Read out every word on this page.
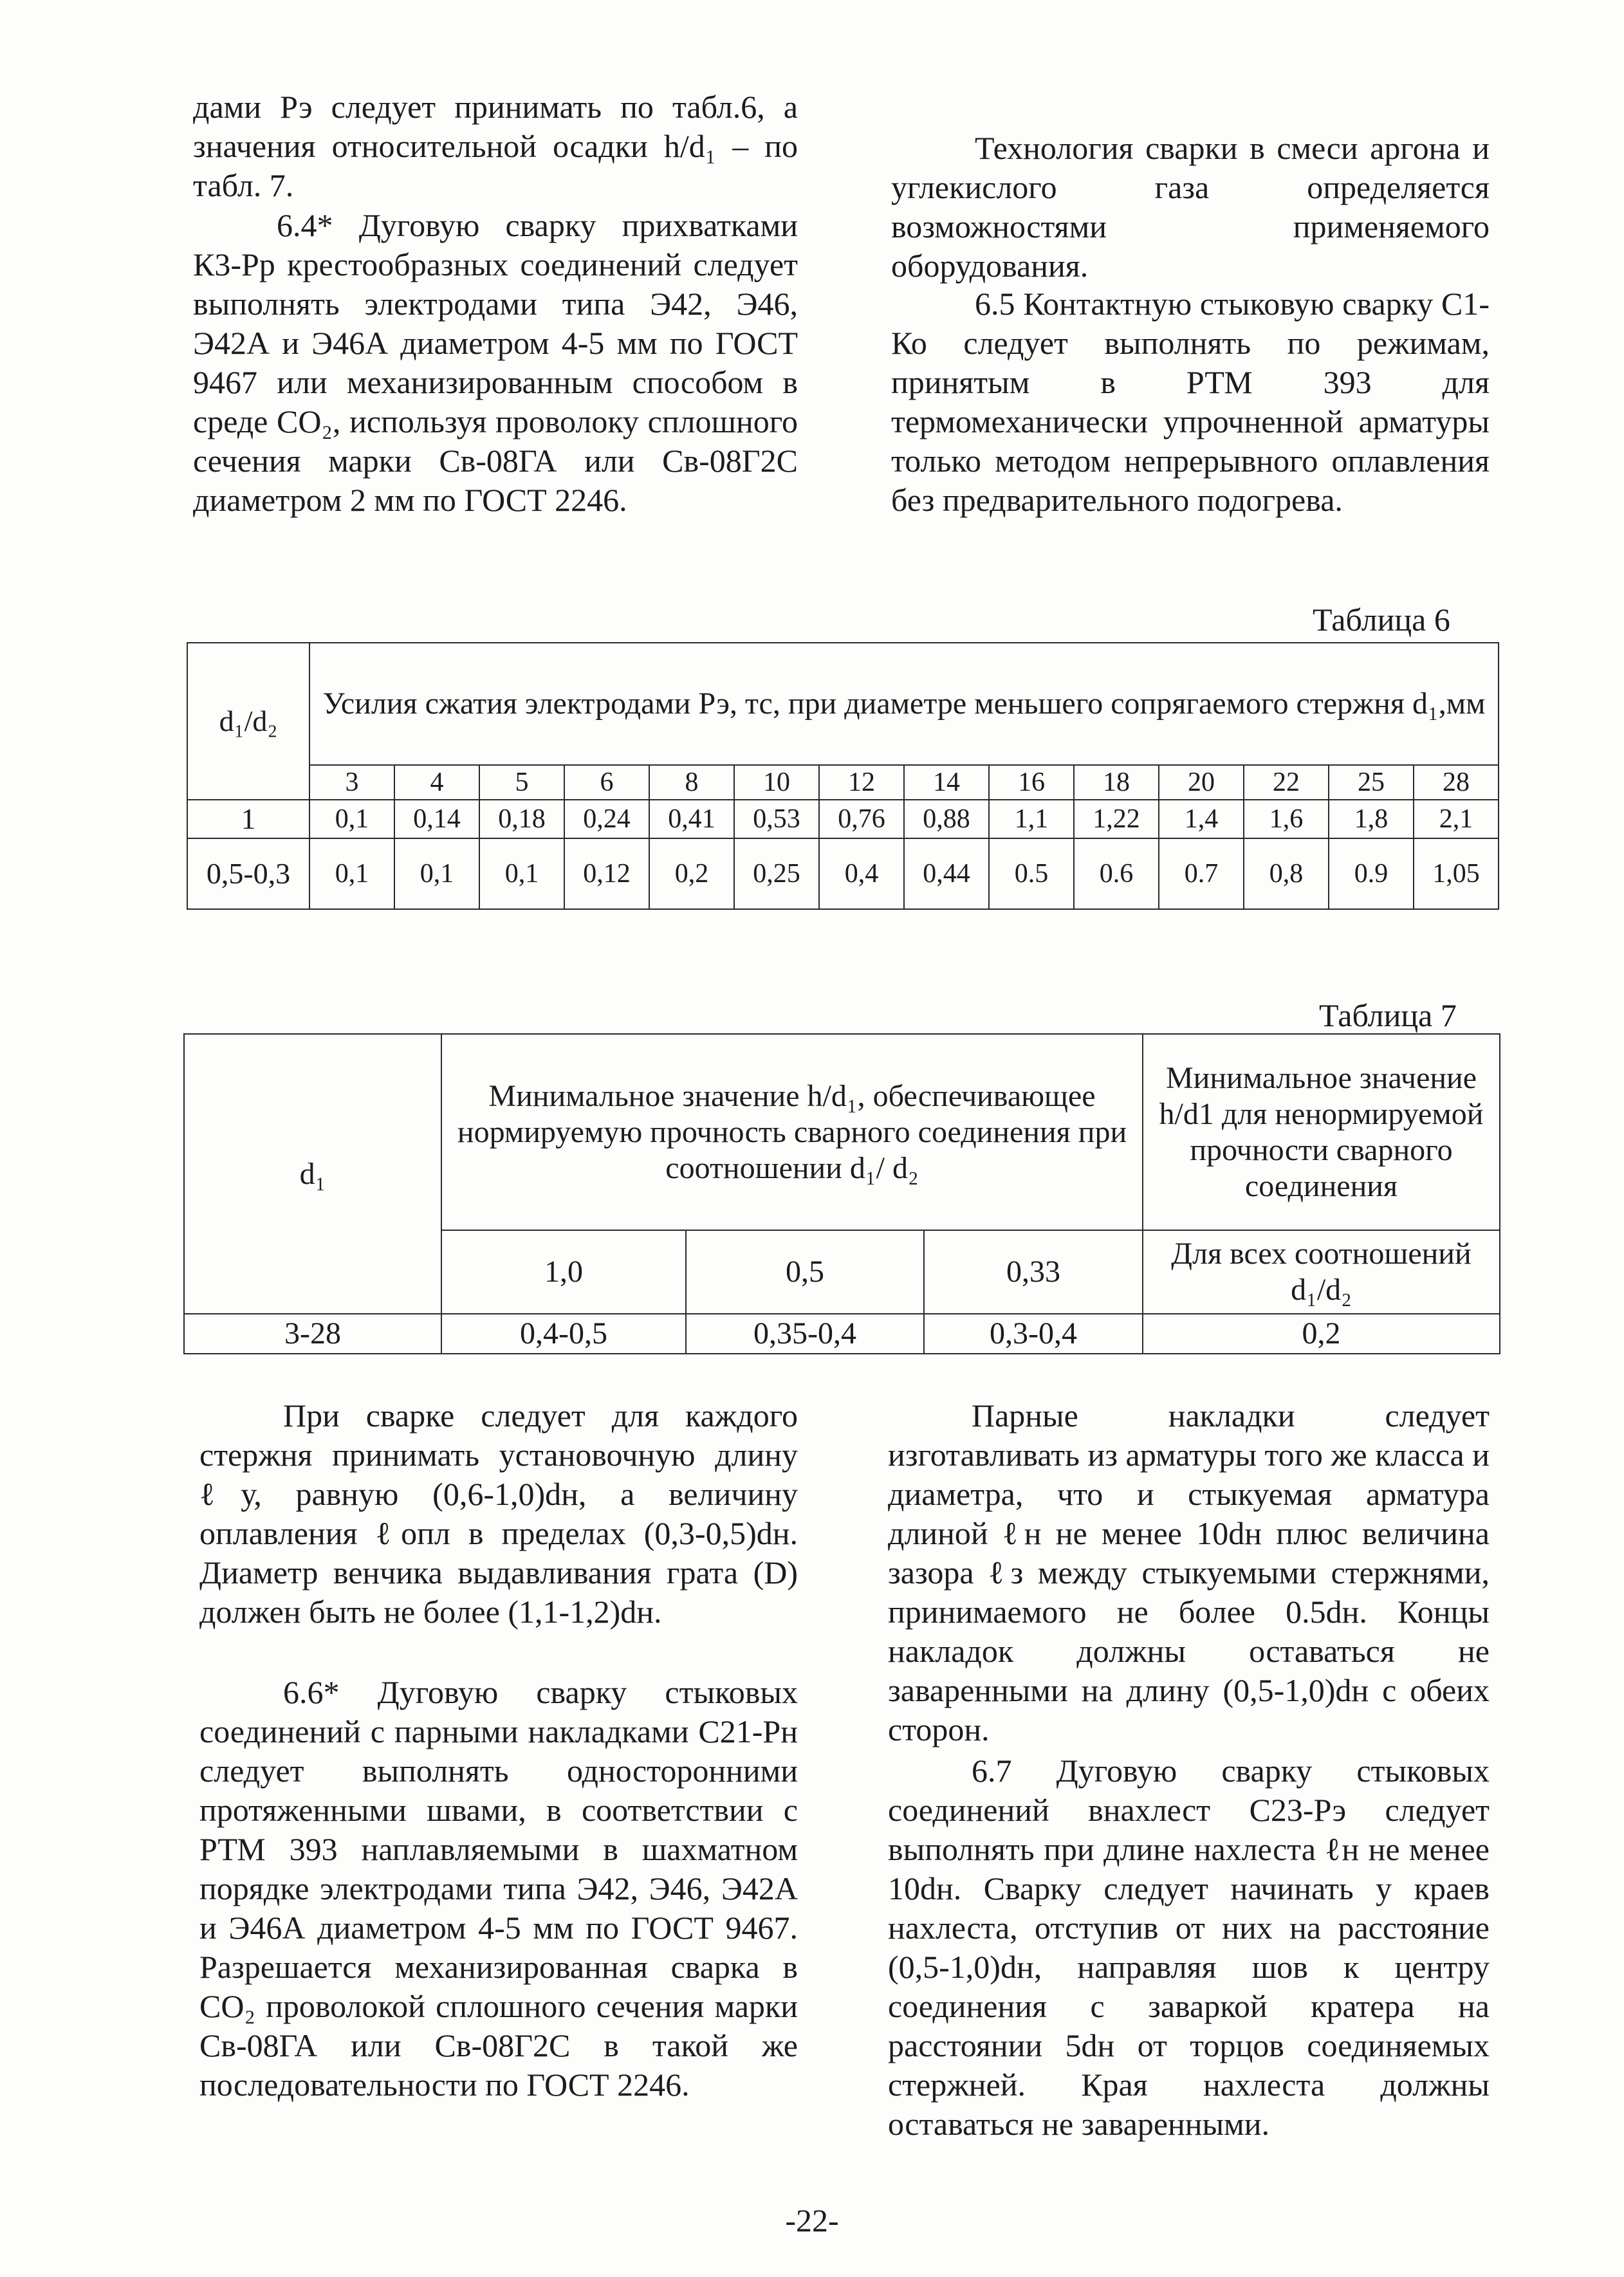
дами Рэ следует принимать по табл.6, а значения относительной осадки h/d₁ – по табл. 7.

6.4* Дуговую сварку прихватками К3-Рр крестообразных соединений следует выполнять электродами типа Э42, Э46, Э42А и Э46А диаметром 4-5 мм по ГОСТ 9467 или механизированным способом в среде СО₂, используя проволоку сплошного сечения марки Св-08ГА или Св-08Г2С диаметром 2 мм по ГОСТ 2246.

Технология сварки в смеси аргона и углекислого газа определяется возможностями применяемого оборудования.

6.5 Контактную стыковую сварку С1-Ко следует выполнять по режимам, принятым в РТМ 393 для термомеханически упрочненной арматуры только методом непрерывного оплавления без предварительного подогрева.

Таблица 6
d₁/d₂	Усилия сжатия электродами Рэ, тс, при диаметре меньшего сопрягаемого стержня d₁,мм													
	3	4	5	6	8	10	12	14	16	18	20	22	25	28
1	0,1	0,14	0,18	0,24	0,41	0,53	0,76	0,88	1,1	1,22	1,4	1,6	1,8	2,1
0,5-0,3	0,1	0,1	0,1	0,12	0,2	0,25	0,4	0,44	0.5	0.6	0.7	0,8	0.9	1,05
Таблица 7
d₁	Минимальное значение h/d₁, обеспечивающее нормируемую прочность сварного соединения при соотношении d₁/ d₂			Минимальное значение h/d1 для ненормируемой прочности сварного соединения
	1,0	0,5	0,33	Для всех соотношений d₁/d₂
3-28	0,4-0,5	0,35-0,4	0,3-0,4	0,2

При сварке следует для каждого стержня принимать установочную длину ℓу, равную (0,6-1,0)dн, а величину оплавления ℓопл в пределах (0,3-0,5)dн. Диаметр венчика выдавливания грата (D) должен быть не более (1,1-1,2)dн.

6.6* Дуговую сварку стыковых соединений с парными накладками С21-Рн следует выполнять односторонними протяженными швами, в соответствии с РТМ 393 наплавляемыми в шахматном порядке электродами типа Э42, Э46, Э42А и Э46А диаметром 4-5 мм по ГОСТ 9467. Разрешается механизированная сварка в СО₂ проволокой сплошного сечения марки Св-08ГА или Св-08Г2С в такой же последовательности по ГОСТ 2246.

Парные накладки следует изготавливать из арматуры того же класса и диаметра, что и стыкуемая арматура длиной ℓн не менее 10dн плюс величина зазора ℓз между стыкуемыми стержнями, принимаемого не более 0.5dн. Концы накладок должны оставаться не заваренными на длину (0,5-1,0)dн с обеих сторон.

6.7 Дуговую сварку стыковых соединений внахлест С23-Рэ следует выполнять при длине нахлеста ℓн не менее 10dн. Сварку следует начинать у краев нахлеста, отступив от них на расстояние (0,5-1,0)dн, направляя шов к центру соединения с заваркой кратера на расстоянии 5dн от торцов соединяемых стержней. Края нахлеста должны оставаться не заваренными.

-22-
